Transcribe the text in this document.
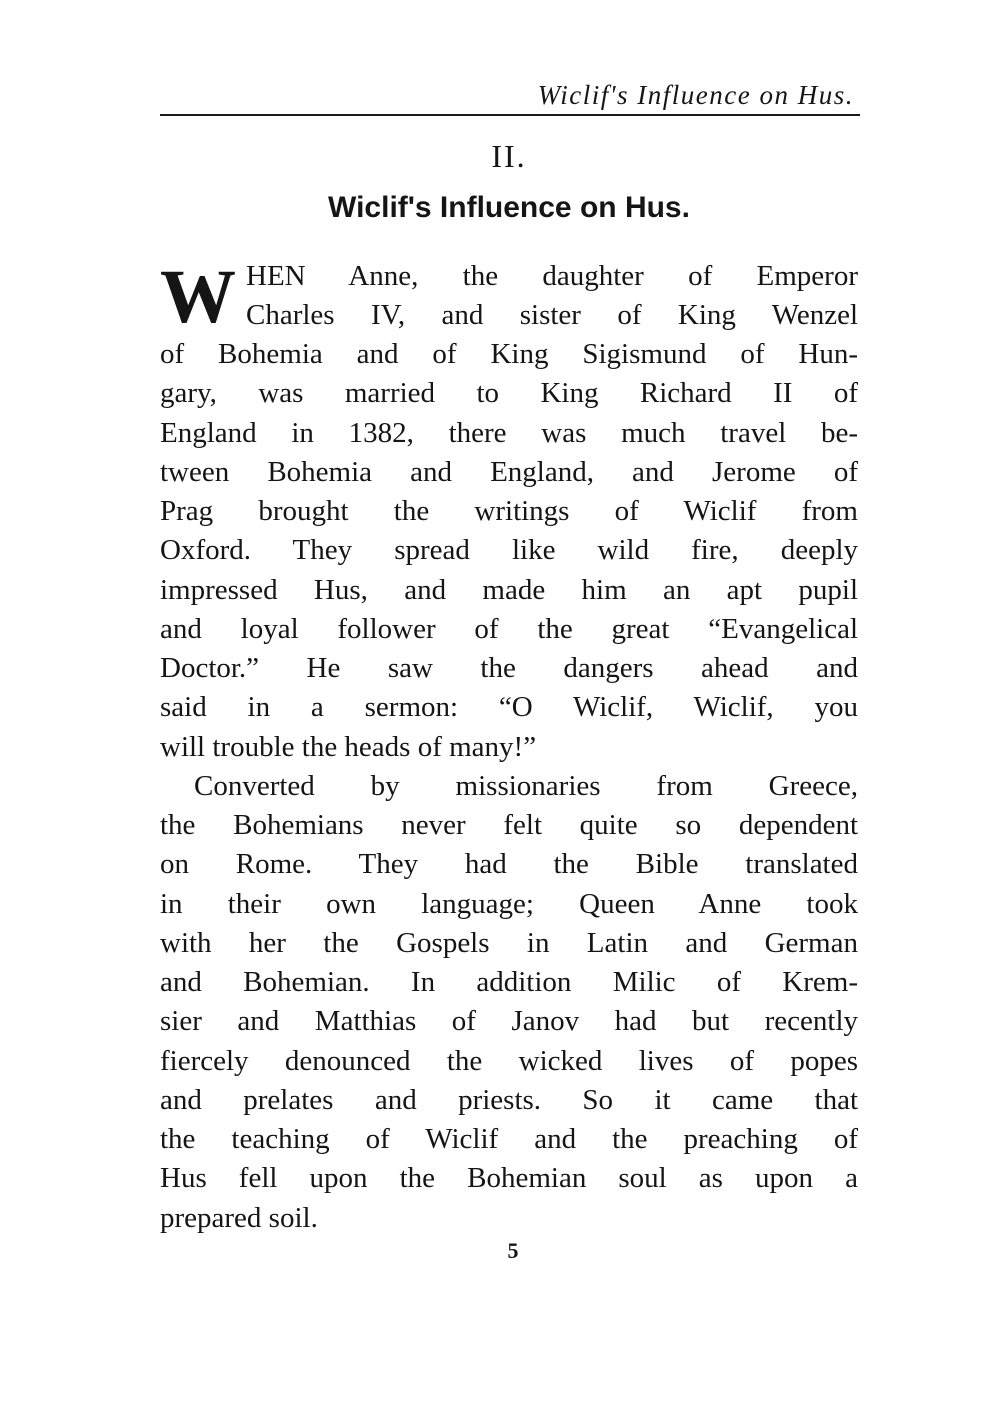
Wiclif's Influence on Hus.
II.
Wiclif's Influence on Hus.
W HEN Anne, the daughter of Emperor
Charles IV, and sister of King Wenzel
of Bohemia and of King Sigismund of Hun-
gary, was married to King Richard II of
England in 1382, there was much travel be-
tween Bohemia and England, and Jerome of
Prag brought the writings of Wiclif from
Oxford. They spread like wild fire, deeply
impressed Hus, and made him an apt pupil
and loyal follower of the great “Evangelical
Doctor.” He saw the dangers ahead and
said in a sermon: “O Wiclif, Wiclif, you
will trouble the heads of many!”
Converted by missionaries from Greece,
the Bohemians never felt quite so dependent
on Rome. They had the Bible translated
in their own language; Queen Anne took
with her the Gospels in Latin and German
and Bohemian. In addition Milic of Krem-
sier and Matthias of Janov had but recently
fiercely denounced the wicked lives of popes
and prelates and priests. So it came that
the teaching of Wiclif and the preaching of
Hus fell upon the Bohemian soul as upon a
prepared soil.
5
